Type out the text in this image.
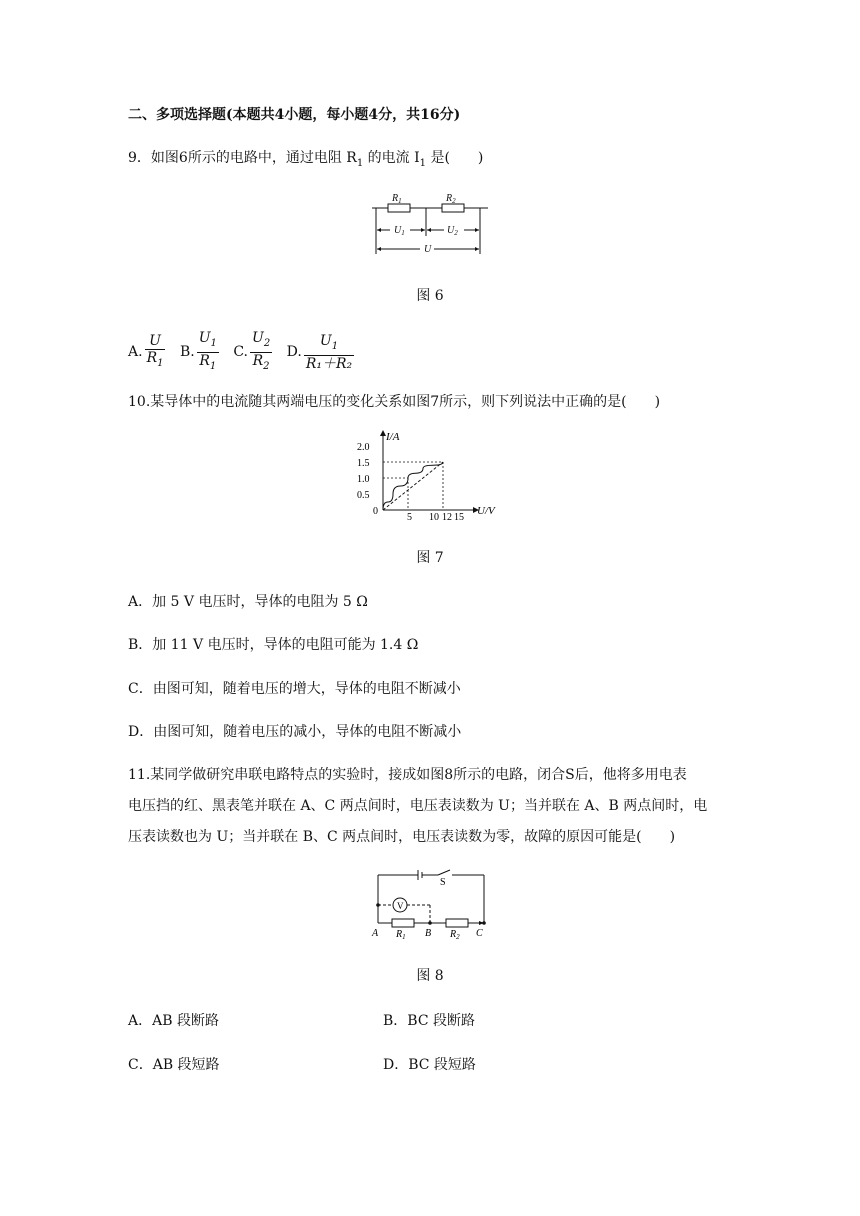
二、多项选择题(本题共4小题，每小题4分，共16分)
9．如图6所示的电路中，通过电阻 $R_1$ 的电流 $I_1$ 是(　　)
$R_1$	$R_2$
$U_1$	$U_2$
U
图 6
A. $\frac{U}{R_1} B$. $\frac{U_1}{R_1} C$. $\frac{U_2}{R_2} D$. $\frac{U_1}{\text{R₁＋R₂}}$
10.某导体中的电流随其两端电压的变化关系如图7所示，则下列说法中正确的是(　　)
I/A
U/V
0
0.5
1.0
1.5
2.0
5 10 12 15
图 7
A．加 5 V 电压时，导体的电阻为 5 Ω
B．加 11 V 电压时，导体的电阻可能为 1.4 Ω
C．由图可知，随着电压的增大，导体的电阻不断减小
D．由图可知，随着电压的减小，导体的电阻不断减小
11.某同学做研究串联电路特点的实验时，接成如图8所示的电路，闭合S后，他将多用电表
电压挡的红、黑表笔并联在 A、C 两点间时，电压表读数为 U；当并联在 A、B 两点间时，电
压表读数也为 U；当并联在 B、C 两点间时，电压表读数为零，故障的原因可能是(　　)
V
S
A	B	C
$R_1$	$R_2$
图 8
A．AB 段断路	B．BC 段断路
C．AB 段短路	D．BC 段短路
